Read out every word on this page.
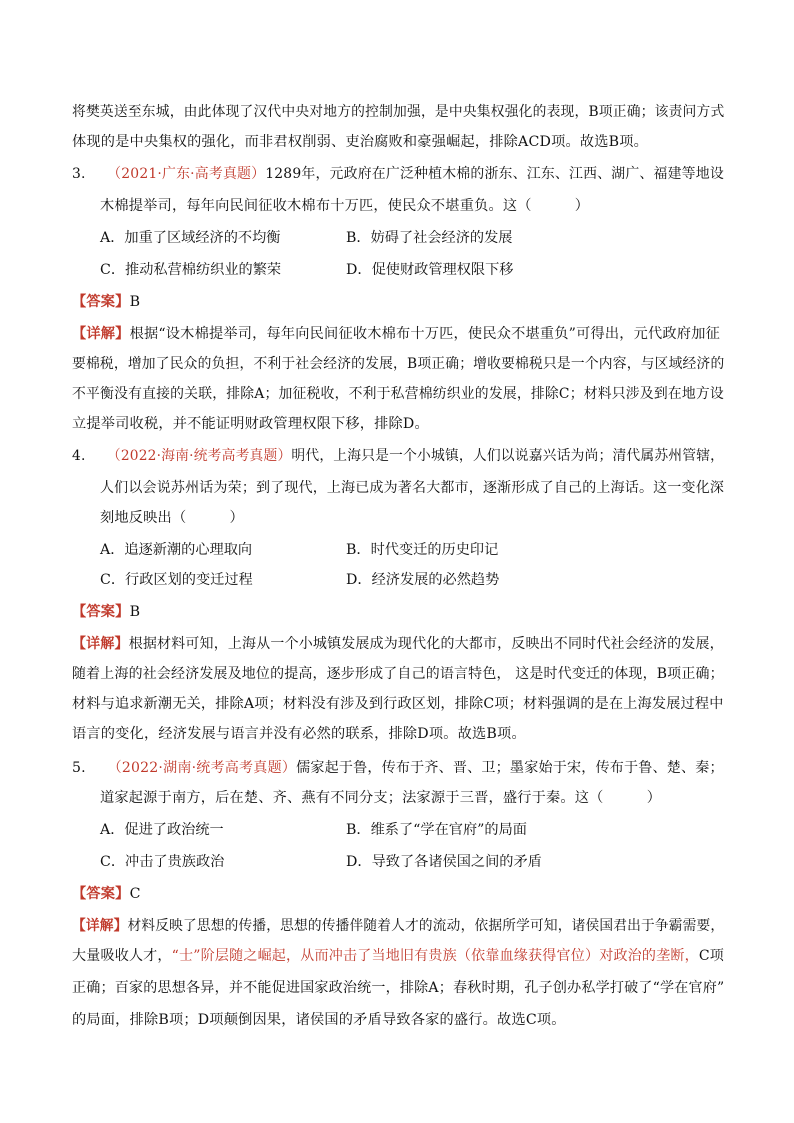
将樊英送至东城，由此体现了汉代中央对地方的控制加强，是中央集权强化的表现，B项正确；该责问方式
体现的是中央集权的强化，而非君权削弱、吏治腐败和豪强崛起，排除ACD项。故选B项。
3. （2021·广东·高考真题）1289年，元政府在广泛种植木棉的浙东、江东、江西、湖广、福建等地设
木棉提举司，每年向民间征收木棉布十万匹，使民众不堪重负。这（　　　）
A．加重了区域经济的不均衡	B．妨碍了社会经济的发展
C．推动私营棉纺织业的繁荣	D．促使财政管理权限下移
【答案】B
【详解】根据“设木棉提举司，每年向民间征收木棉布十万匹，使民众不堪重负”可得出，元代政府加征
要棉税，增加了民众的负担，不利于社会经济的发展，B项正确；增收要棉税只是一个内容，与区域经济的
不平衡没有直接的关联，排除A；加征税收，不利于私营棉纺织业的发展，排除C；材料只涉及到在地方设
立提举司收税，并不能证明财政管理权限下移，排除D。
4. （2022·海南·统考高考真题）明代，上海只是一个小城镇，人们以说嘉兴话为尚；清代属苏州管辖，
人们以会说苏州话为荣；到了现代，上海已成为著名大都市，逐渐形成了自己的上海话。这一变化深
刻地反映出（　　　）
A．追逐新潮的心理取向	B．时代变迁的历史印记
C．行政区划的变迁过程	D．经济发展的必然趋势
【答案】B
【详解】根据材料可知，上海从一个小城镇发展成为现代化的大都市，反映出不同时代社会经济的发展，
随着上海的社会经济发展及地位的提高，逐步形成了自己的语言特色， 这是时代变迁的体现，B项正确；
材料与追求新潮无关，排除A项；材料没有涉及到行政区划，排除C项；材料强调的是在上海发展过程中
语言的变化，经济发展与语言并没有必然的联系，排除D项。故选B项。
5. （2022·湖南·统考高考真题）儒家起于鲁，传布于齐、晋、卫；墨家始于宋，传布于鲁、楚、秦；
道家起源于南方，后在楚、齐、燕有不同分支；法家源于三晋，盛行于秦。这（　　　）
A．促进了政治统一	B．维系了“学在官府”的局面
C．冲击了贵族政治	D．导致了各诸侯国之间的矛盾
【答案】C
【详解】材料反映了思想的传播，思想的传播伴随着人才的流动，依据所学可知，诸侯国君出于争霸需要，
大量吸收人才，“士”阶层随之崛起，从而冲击了当地旧有贵族（依靠血缘获得官位）对政治的垄断，C项
正确；百家的思想各异，并不能促进国家政治统一，排除A；春秋时期，孔子创办私学打破了“学在官府”
的局面，排除B项；D项颠倒因果，诸侯国的矛盾导致各家的盛行。故选C项。
